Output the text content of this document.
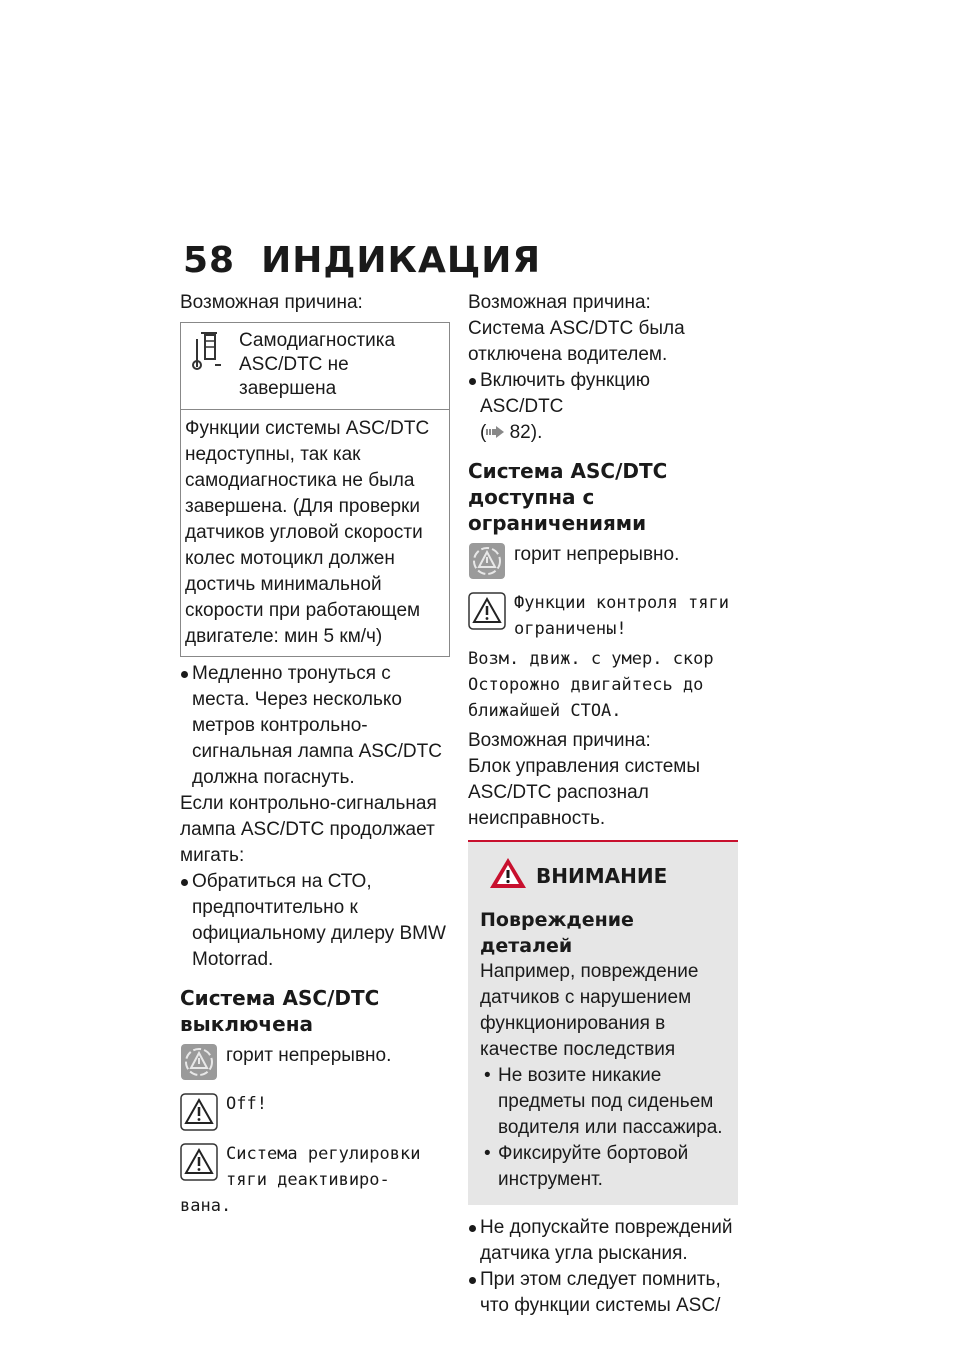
58 ИНДИКАЦИЯ

Возможная причина:

Самодиагностика ASC/DTC не завершена
Функции системы ASC/DTC недоступны, так как самодиагностика не была завершена. (Для проверки датчиков угловой скорости колес мотоцикл должен достичь минимальной скорости при работающем двигателе: мин 5 км/ч)
Медленно тронуться с места. Через несколько метров контрольно-сигнальная лампа ASC/DTC должна погаснуть.

Если контрольно-сигнальная лампа ASC/DTC продолжает мигать:

Обратиться на СТО, предпочтительно к официальному дилеру BMW Motorrad.
Система ASC/DTC выключена
горит непрерывно.

Off!

Система регулировки тяги деактивиро- вана.

Возможная причина:

Система ASC/DTC была отключена водителем.

Включить функцию ASC/DTC
( 82).
Система ASC/DTC доступна с ограничениями
горит непрерывно.

Функции контроля тяги ограничены!

Возм. движ. с умер. скор Осторожно двигайтесь до ближайшей СТОА.

Возможная причина:

Блок управления системы ASC/DTC распознал неисправность.

ВНИМАНИЕ
Повреждение деталей
Например, повреждение датчиков с нарушением функционирования в качестве последствия
• Не возите никакие предметы под сиденьем водителя или пассажира.
• Фиксируйте бортовой инструмент.
Не допускайте повреждений датчика угла рыскания.
При этом следует помнить, что функции системы ASC/
